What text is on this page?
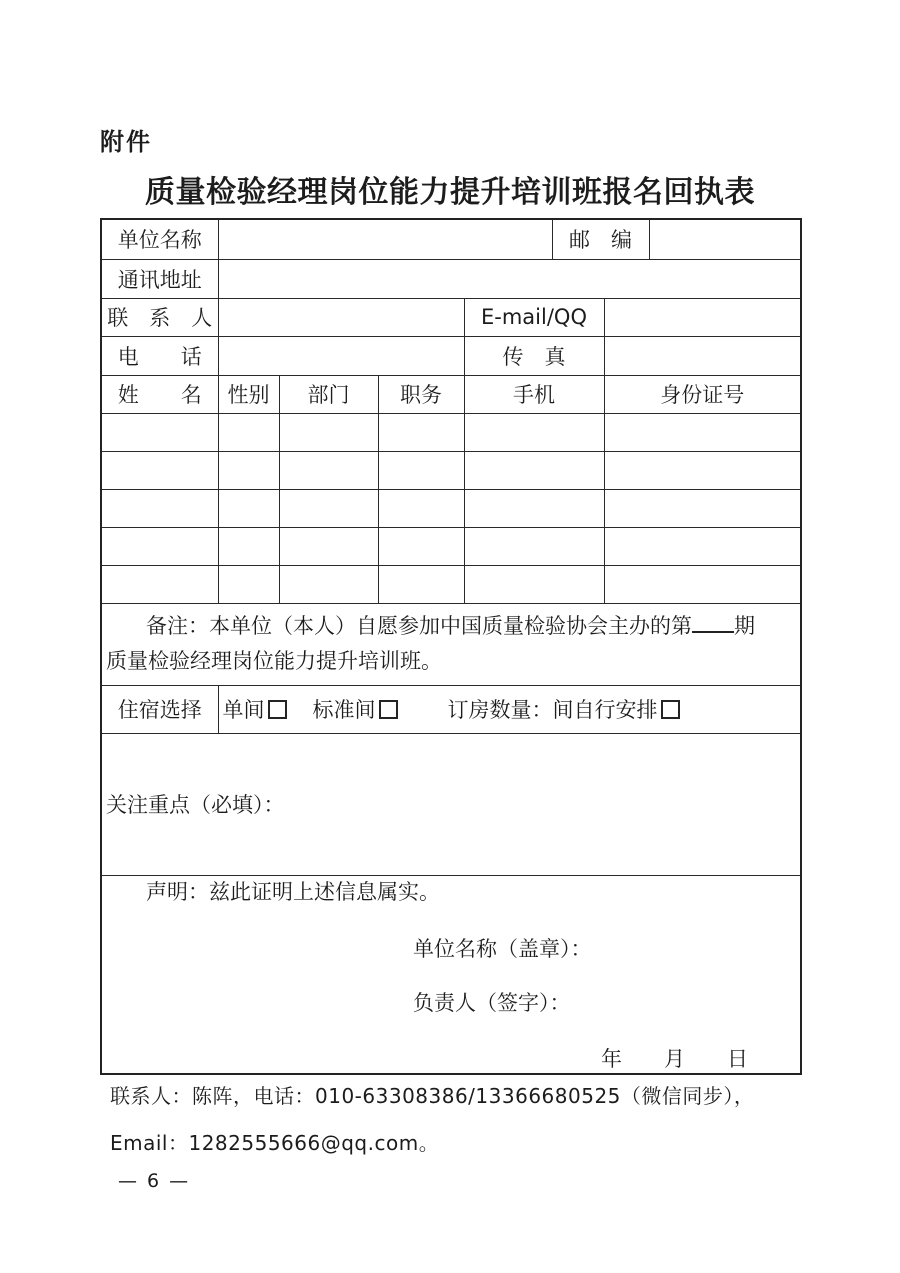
附件
质量检验经理岗位能力提升培训班报名回执表
单位名称					邮　编		
通讯地址							
联　系　人				E-mail/QQ			
电　　话				传　真			
姓　　名	性别	部门	职务	手机		身份证号	

备注：本单位（本人）自愿参加中国质量检验协会主办的第 期
质量检验经理岗位能力提升培训班。							

住宿选择	单间 标准间 订房数量：间自行安排						
关注重点（必填）：							

声明：兹此证明上述信息属实。
单位名称（盖章）：
负责人（签字）：
年　　月　　日							
联系人：陈阵，电话：010-63308386/13366680525（微信同步），
Email：1282555666@qq.com。
— 6 —
